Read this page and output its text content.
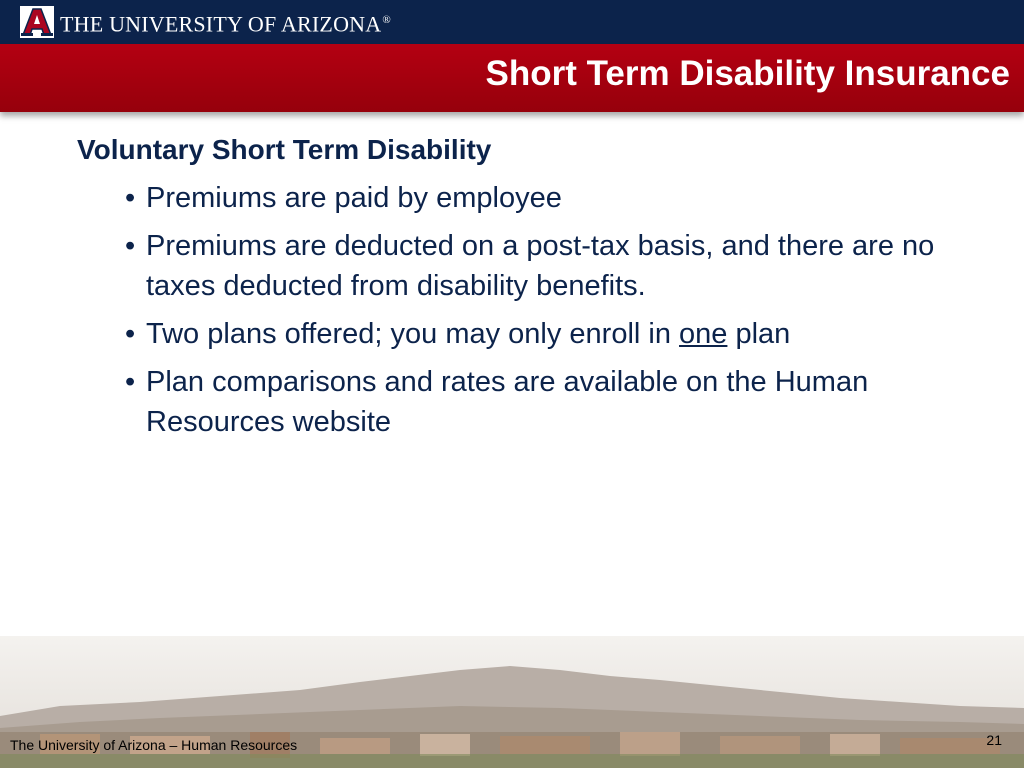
THE UNIVERSITY OF ARIZONA®
Short Term Disability Insurance
Voluntary Short Term Disability
• Premiums are paid by employee
• Premiums are deducted on a post-tax basis, and there are no taxes deducted from disability benefits.
• Two plans offered; you may only enroll in one plan
• Plan comparisons and rates are available on the Human Resources website
The University of Arizona – Human Resources	21
